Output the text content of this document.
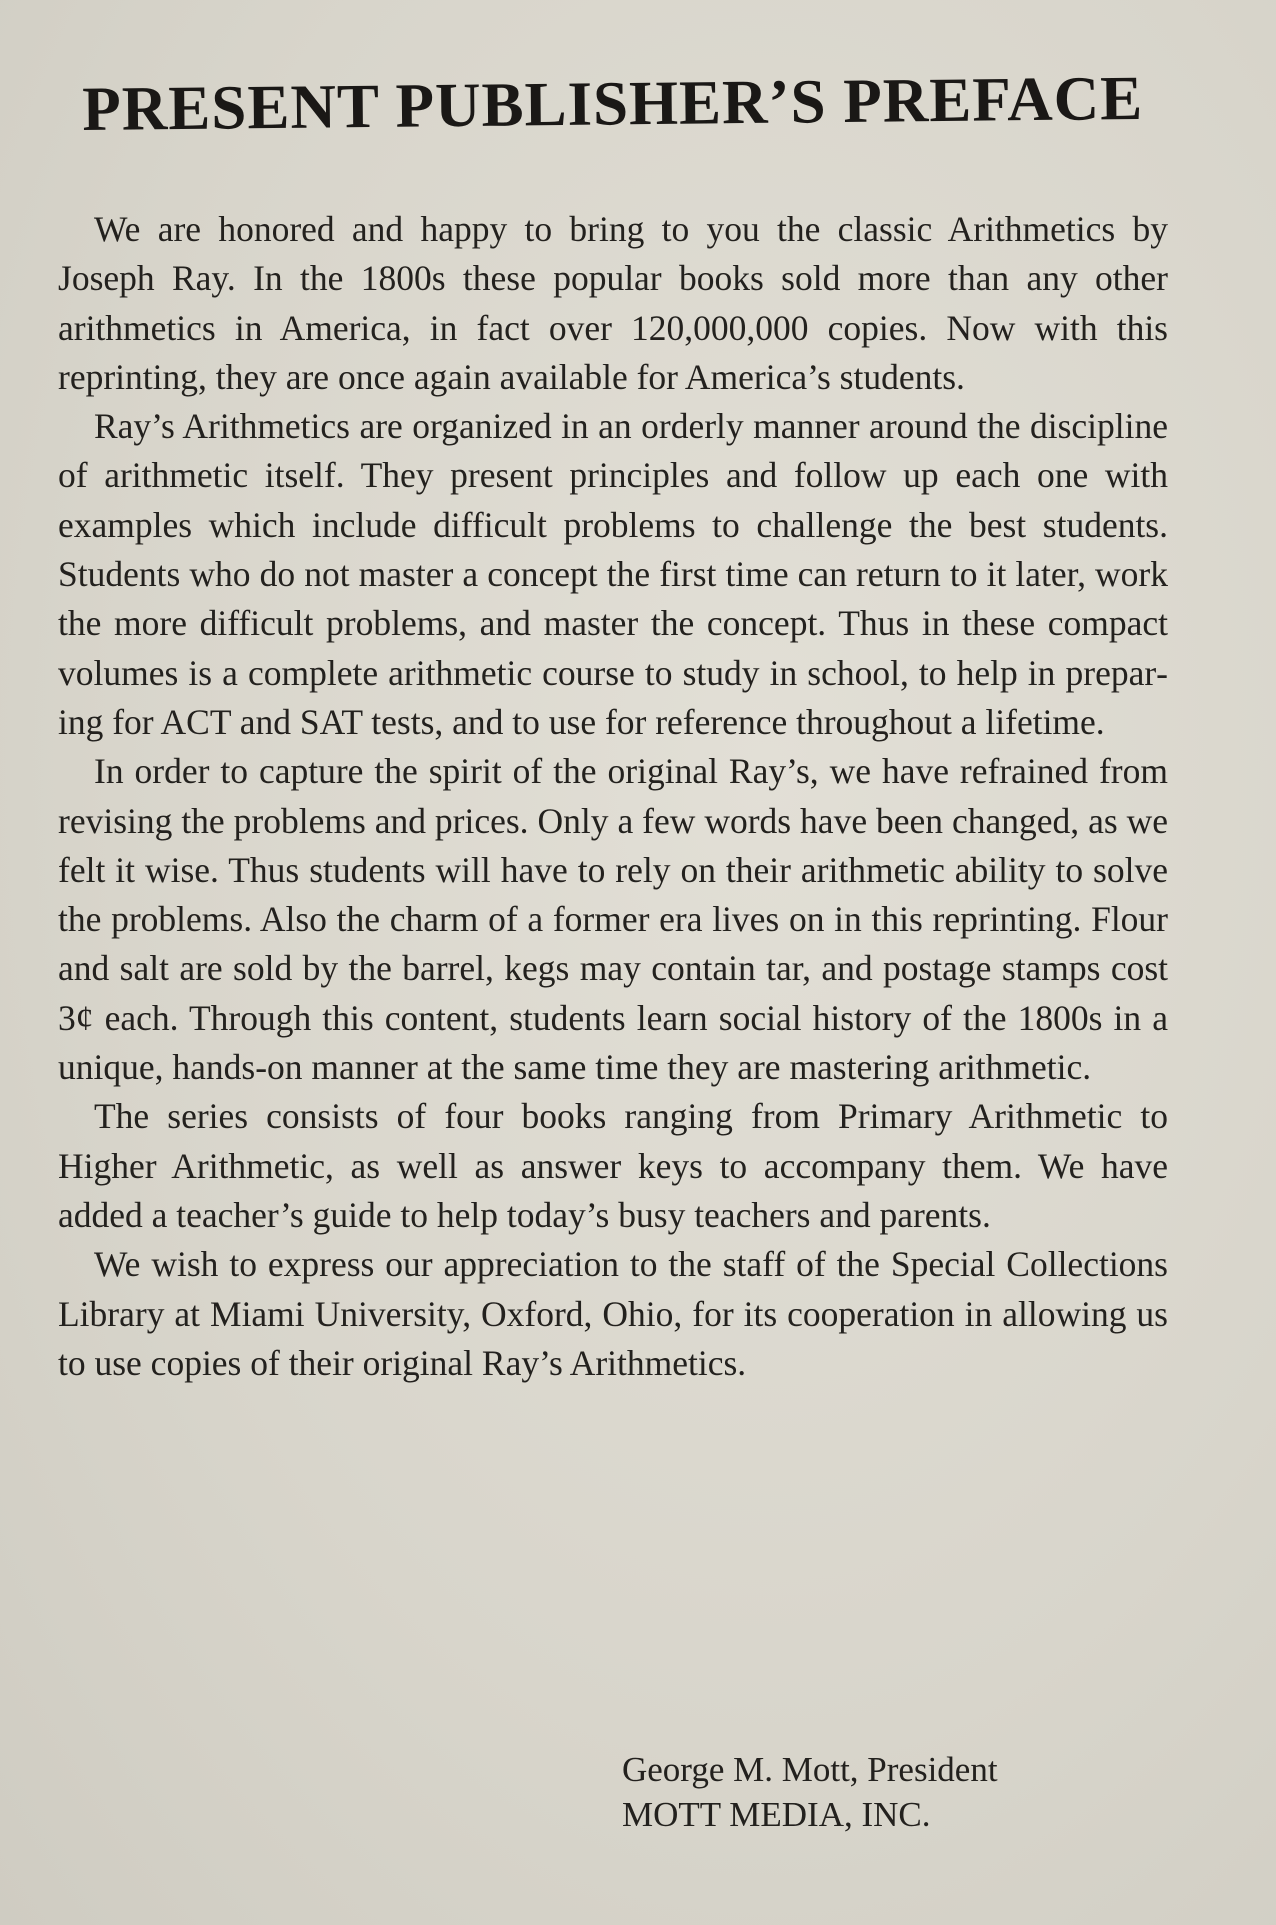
PRESENT PUBLISHER’S PREFACE

We are honored and happy to bring to you the classic Arithmetics by Joseph Ray. In the 1800s these popular books sold more than any other arithmetics in America, in fact over 120,000,000 copies. Now with this reprinting, they are once again available for America’s students.

Ray’s Arithmetics are organized in an orderly manner around the discipline of arithmetic itself. They present principles and follow up each one with examples which include difficult problems to challenge the best students. Students who do not master a concept the first time can return to it later, work the more difficult problems, and master the concept. Thus in these compact volumes is a complete arithmetic course to study in school, to help in preparing for ACT and SAT tests, and to use for reference throughout a lifetime.

In order to capture the spirit of the original Ray’s, we have refrained from revising the problems and prices. Only a few words have been changed, as we felt it wise. Thus students will have to rely on their arithmetic ability to solve the problems. Also the charm of a former era lives on in this reprinting. Flour and salt are sold by the barrel, kegs may contain tar, and postage stamps cost 3¢ each. Through this content, students learn social history of the 1800s in a unique, hands-on manner at the same time they are mastering arithmetic.

The series consists of four books ranging from Primary Arithmetic to Higher Arithmetic, as well as answer keys to accompany them. We have added a teacher’s guide to help today’s busy teachers and parents.

We wish to express our appreciation to the staff of the Special Collections Library at Miami University, Oxford, Ohio, for its cooperation in allowing us to use copies of their original Ray’s Arithmetics.

George M. Mott, President
MOTT MEDIA, INC.
